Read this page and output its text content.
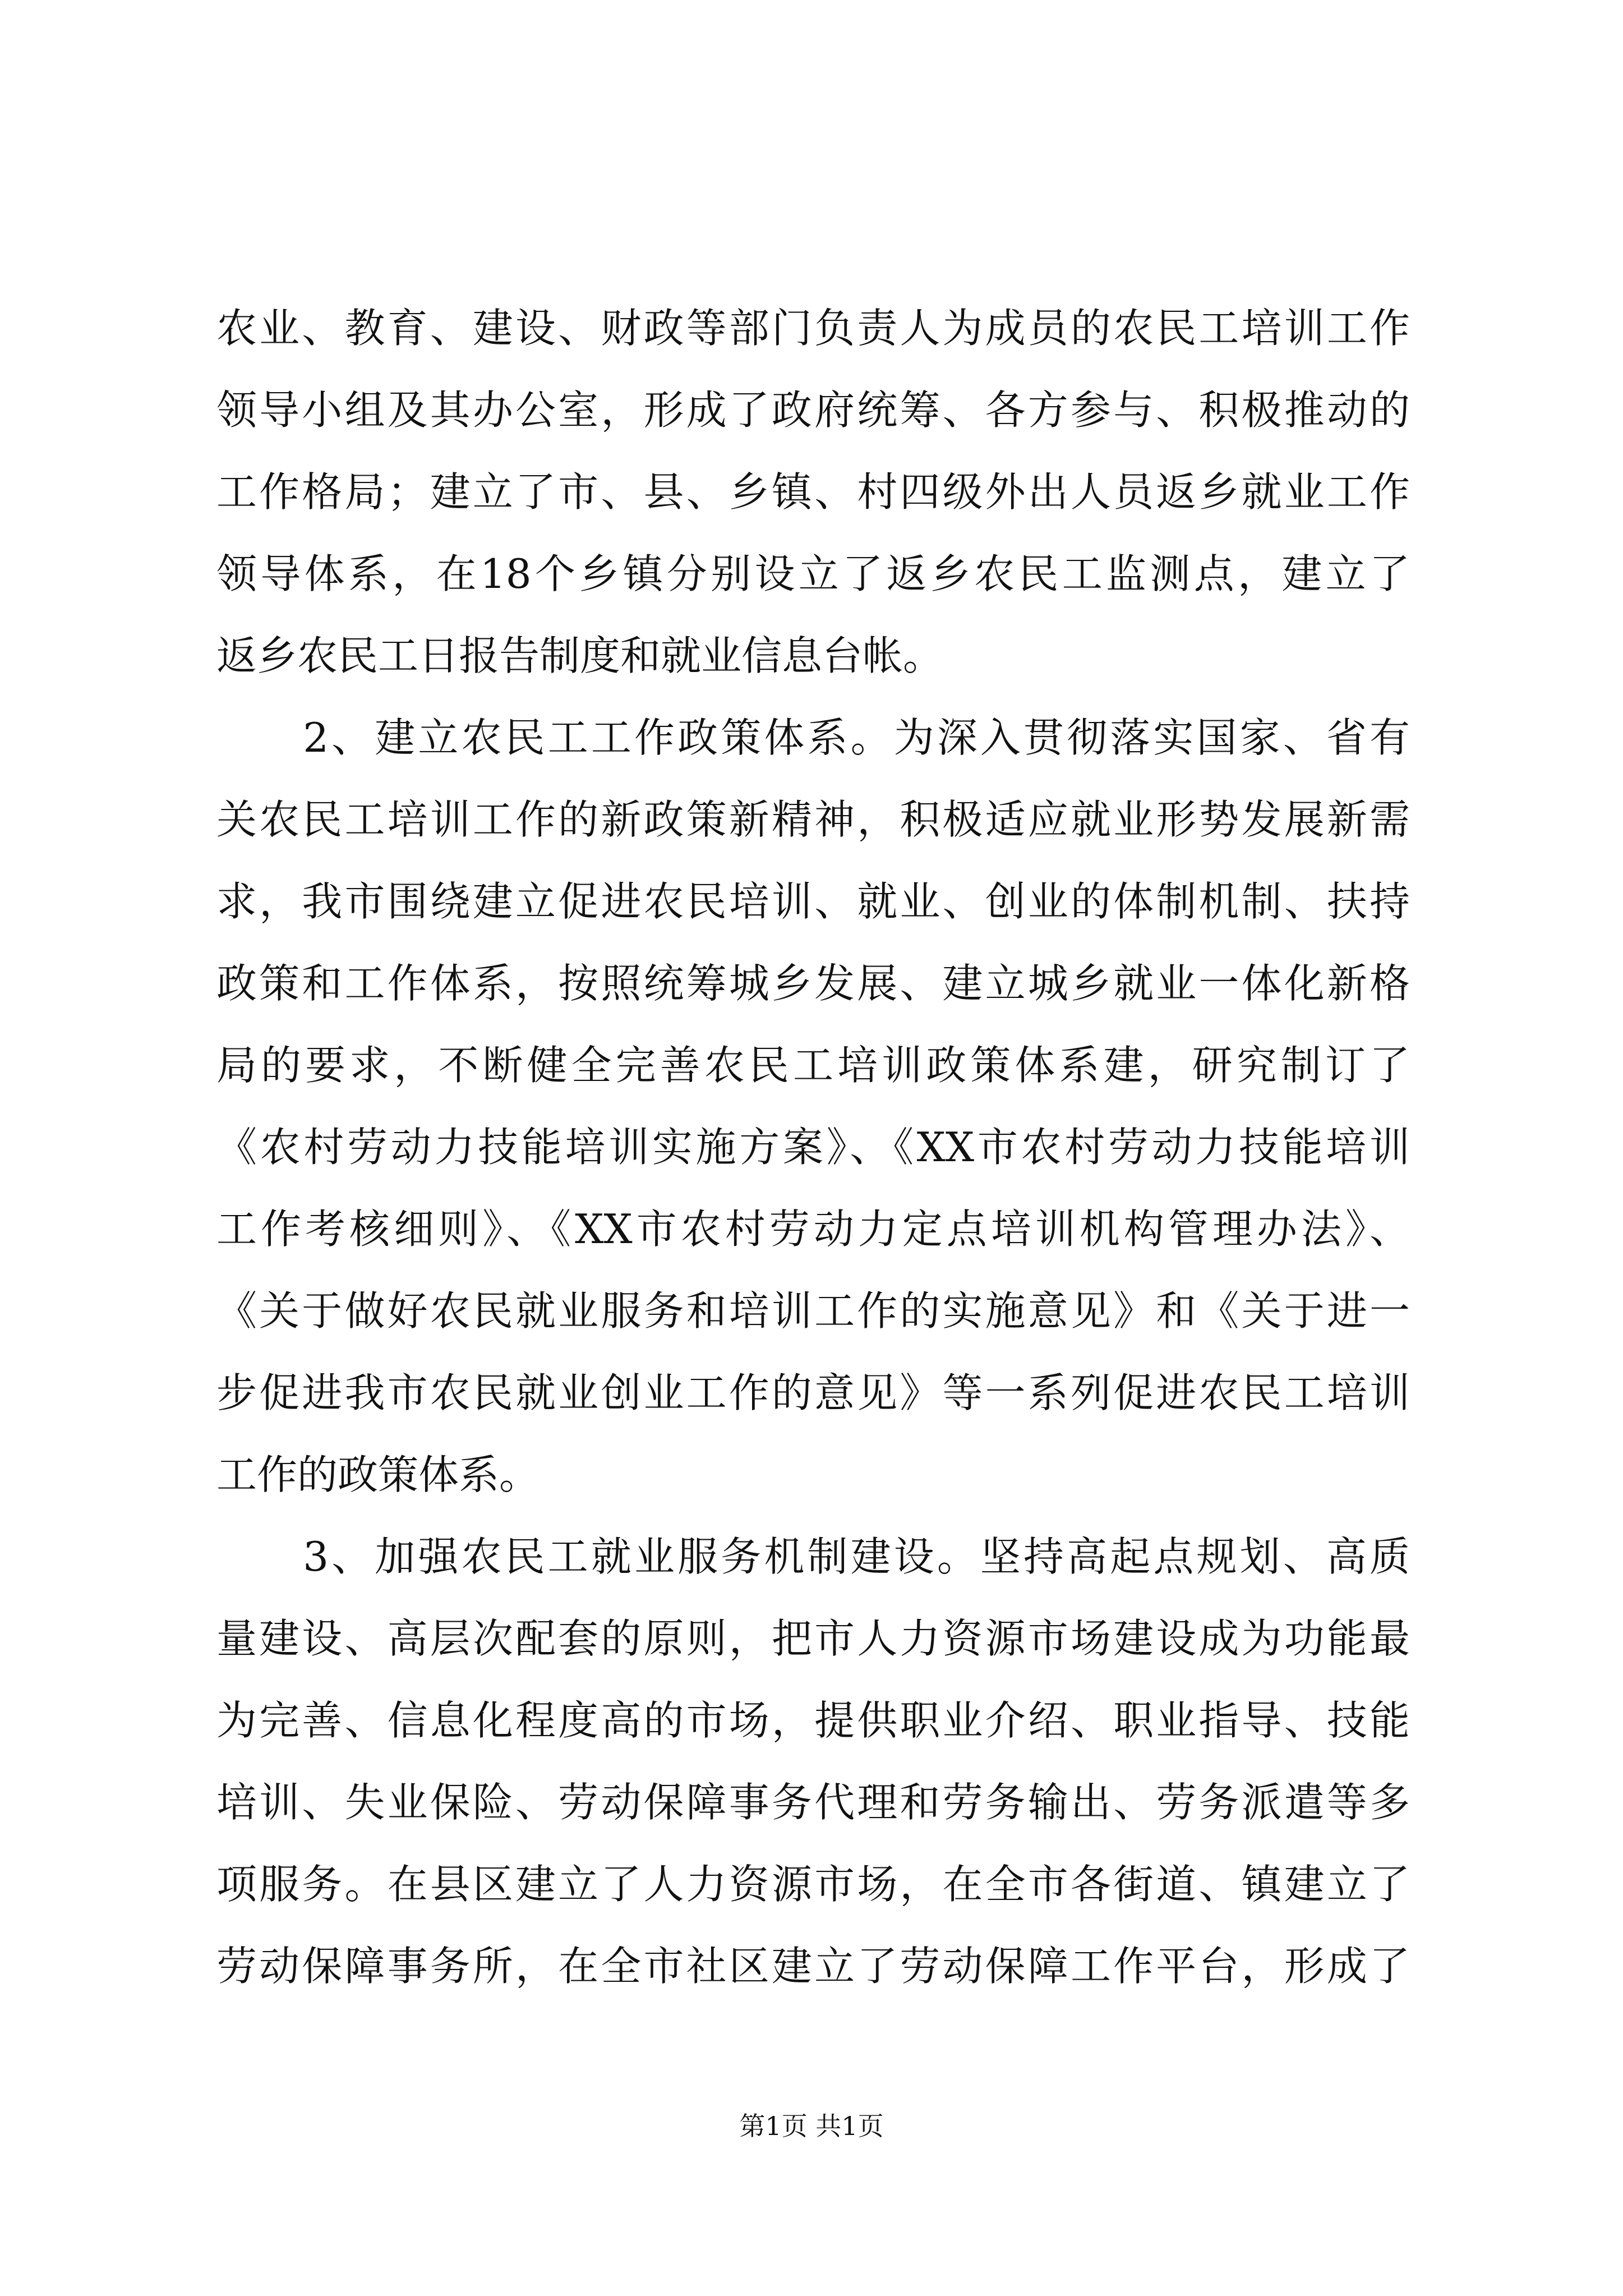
农业、教育、建设、财政等部门负责人为成员的农民工培训工作
领导小组及其办公室，形成了政府统筹、各方参与、积极推动的
工作格局；建立了市、县、乡镇、村四级外出人员返乡就业工作
领导体系，在18个乡镇分别设立了返乡农民工监测点，建立了
返乡农民工日报告制度和就业信息台帐。
　　2、建立农民工工作政策体系。为深入贯彻落实国家、省有
关农民工培训工作的新政策新精神，积极适应就业形势发展新需
求，我市围绕建立促进农民培训、就业、创业的体制机制、扶持
政策和工作体系，按照统筹城乡发展、建立城乡就业一体化新格
局的要求，不断健全完善农民工培训政策体系建，研究制订了
《农村劳动力技能培训实施方案》、《XX市农村劳动力技能培训
工作考核细则》、《XX市农村劳动力定点培训机构管理办法》、
《关于做好农民就业服务和培训工作的实施意见》和《关于进一
步促进我市农民就业创业工作的意见》等一系列促进农民工培训
工作的政策体系。
　　3、加强农民工就业服务机制建设。坚持高起点规划、高质
量建设、高层次配套的原则，把市人力资源市场建设成为功能最
为完善、信息化程度高的市场，提供职业介绍、职业指导、技能
培训、失业保险、劳动保障事务代理和劳务输出、劳务派遣等多
项服务。在县区建立了人力资源市场，在全市各街道、镇建立了
劳动保障事务所，在全市社区建立了劳动保障工作平台，形成了
第1页 共1页
